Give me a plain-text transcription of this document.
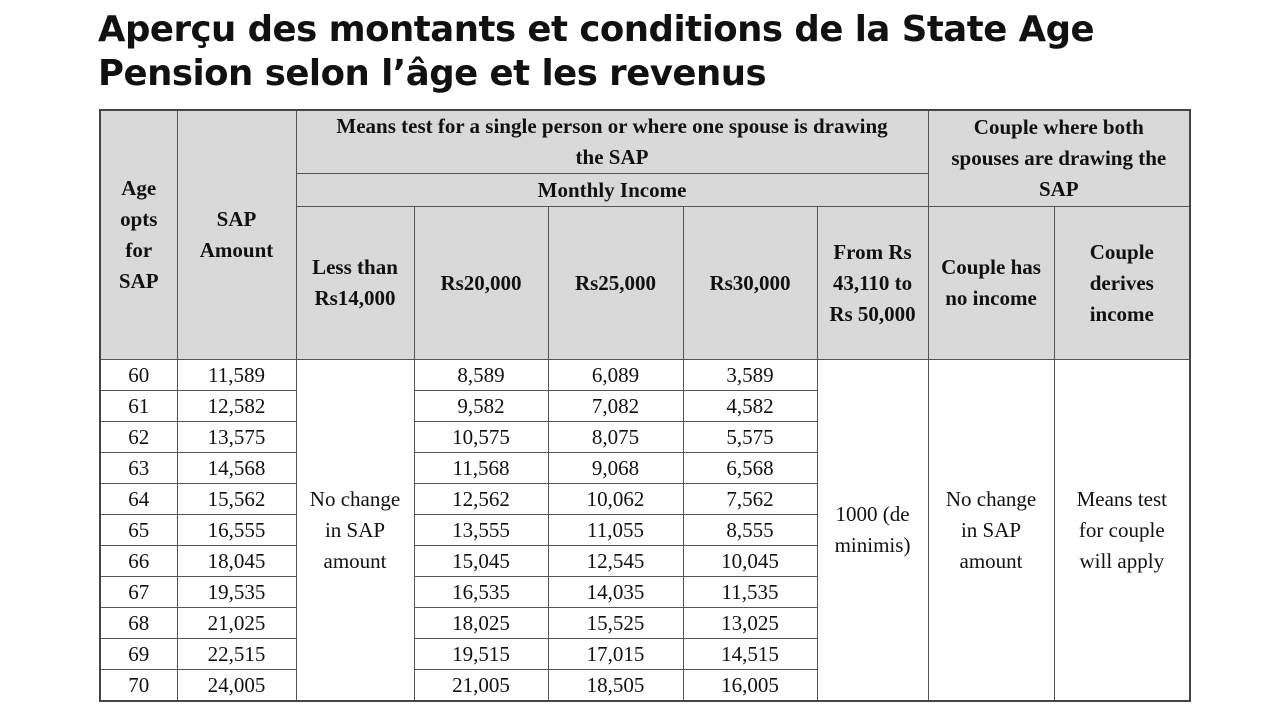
Aperçu des montants et conditions de la State Age
Pension selon l’âge et les revenus
Age opts for SAP	SAP Amount	Means test for a single person or where one spouse is drawing the SAP					Couple where both spouses are drawing the SAP	
		Monthly Income						
		Less than Rs14,000	Rs20,000	Rs25,000	Rs30,000	From Rs 43,110 to Rs 50,000	Couple has no income	Couple derives income
60	11,589	No change in SAP amount	8,589	6,089	3,589	1000 (de minimis)	No change in SAP amount	Means test for couple will apply
61	12,582		9,582	7,082	4,582			
62	13,575		10,575	8,075	5,575			
63	14,568		11,568	9,068	6,568			
64	15,562		12,562	10,062	7,562			
65	16,555		13,555	11,055	8,555			
66	18,045		15,045	12,545	10,045			
67	19,535		16,535	14,035	11,535			
68	21,025		18,025	15,525	13,025			
69	22,515		19,515	17,015	14,515			
70	24,005		21,005	18,505	16,005			
